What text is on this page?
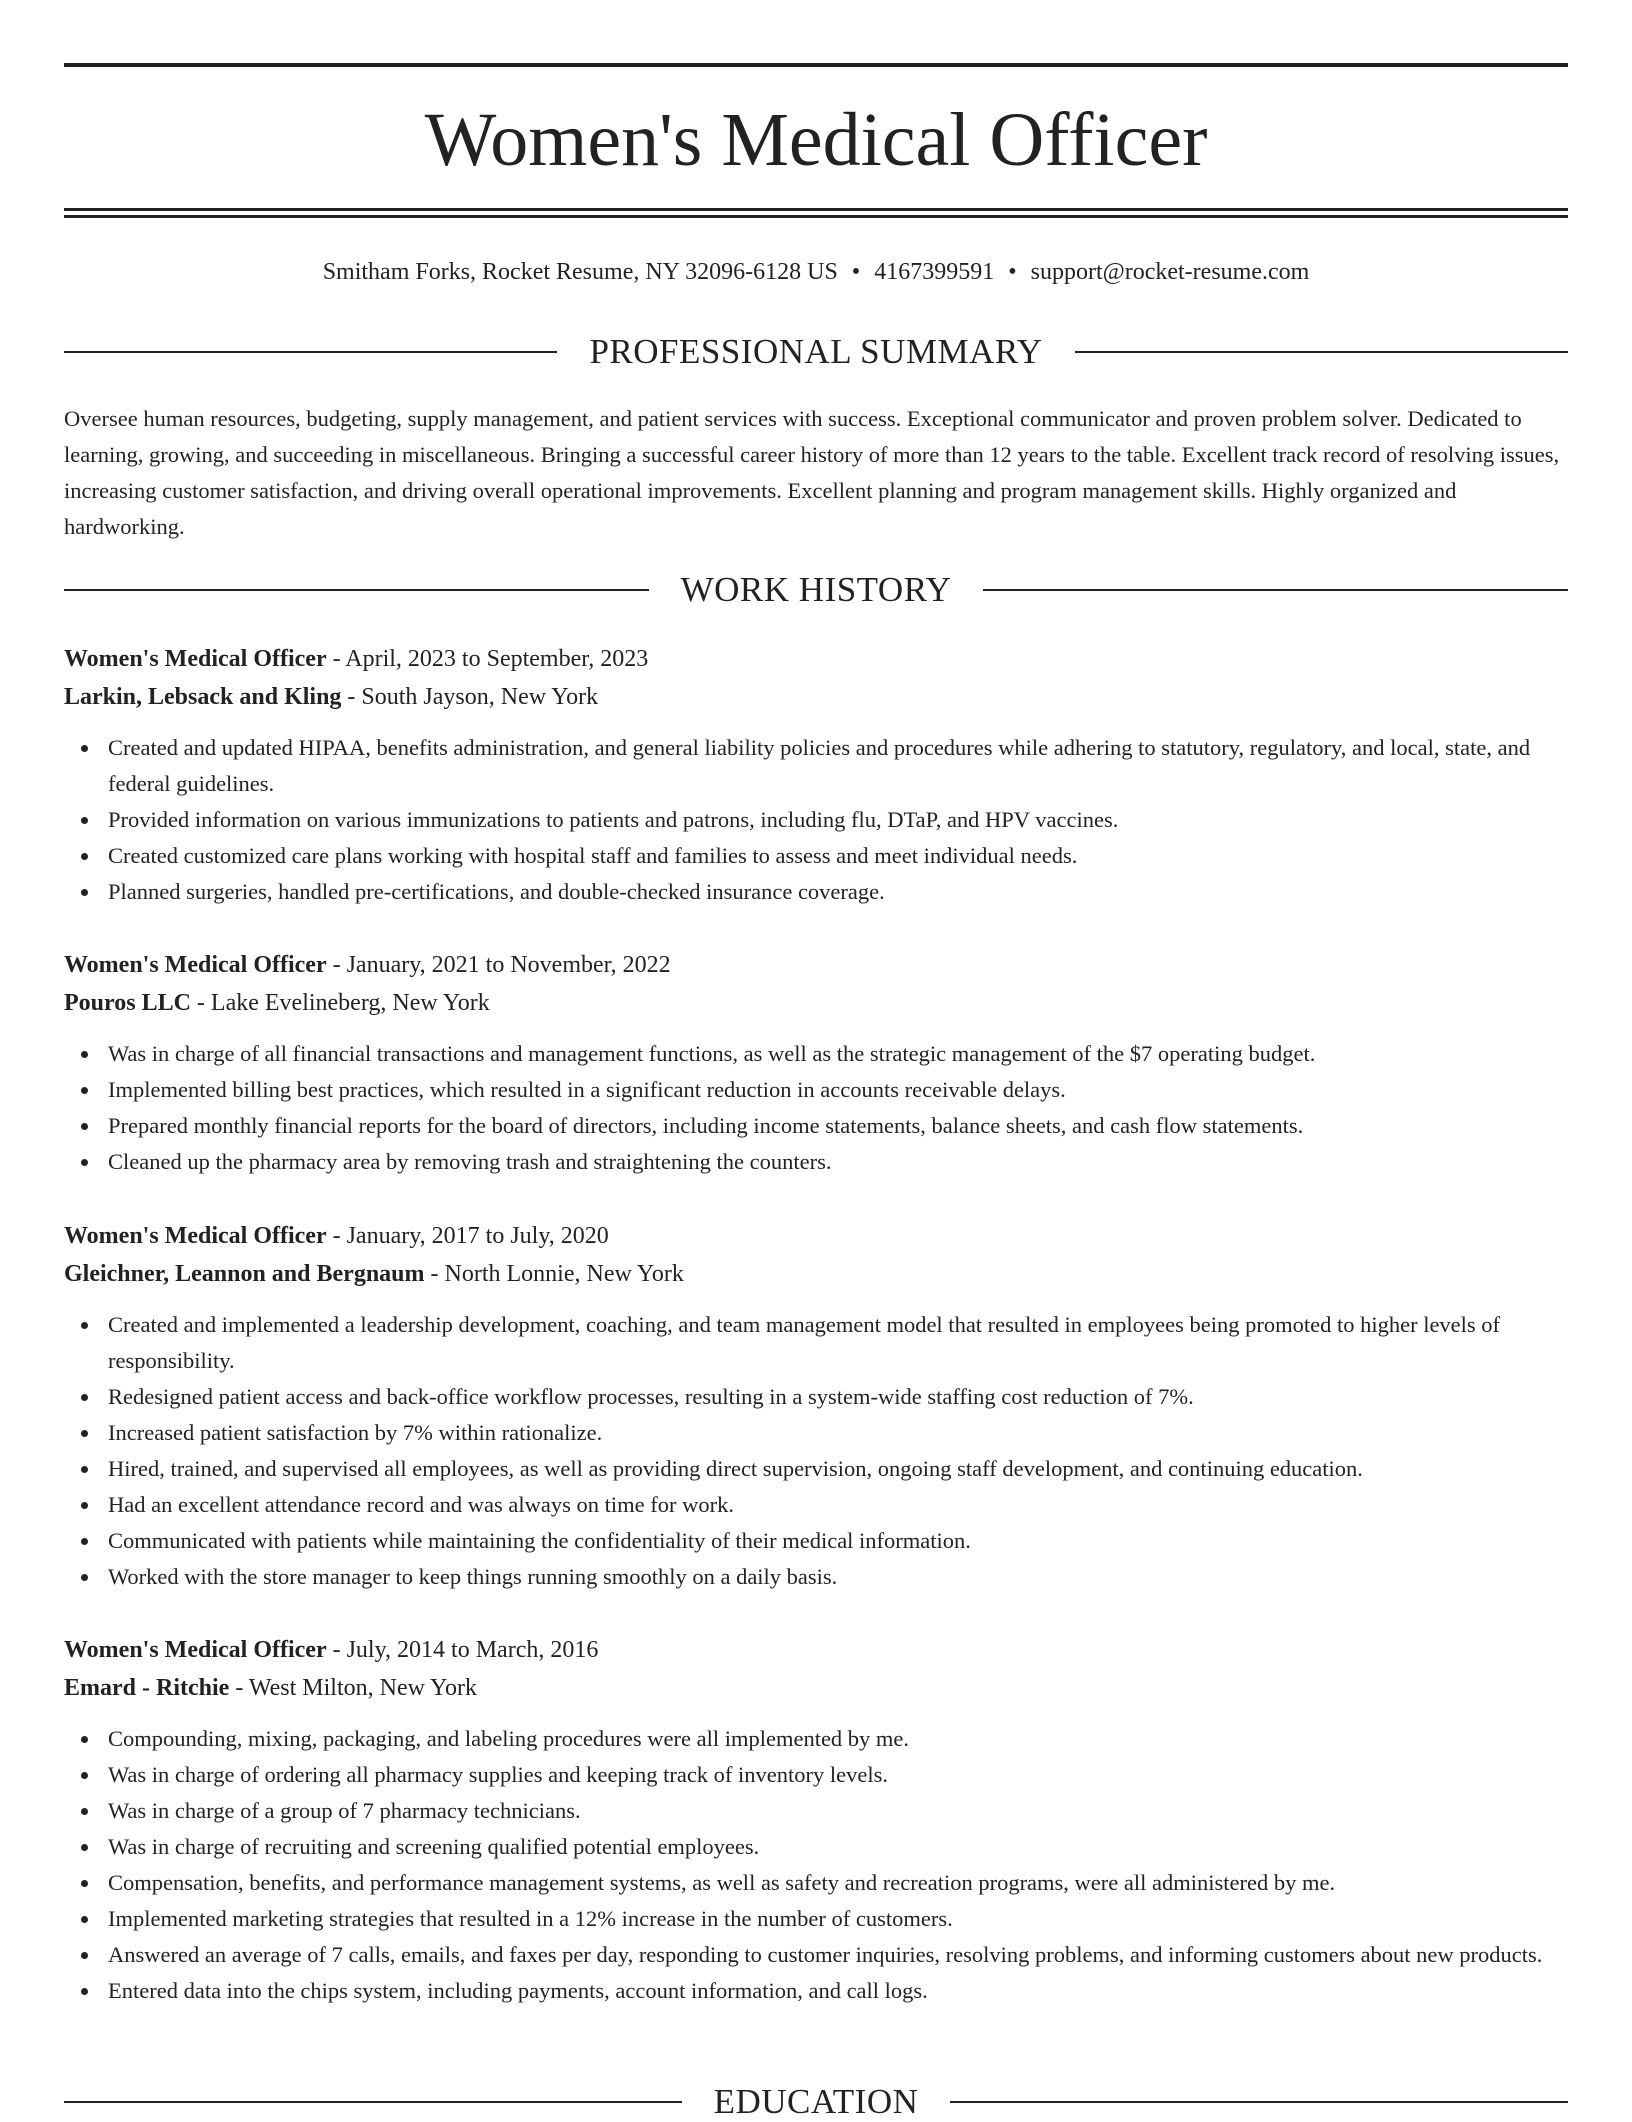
Women's Medical Officer
Smitham Forks, Rocket Resume, NY 32096-6128 US • 4167399591 • support@rocket-resume.com
PROFESSIONAL SUMMARY

Oversee human resources, budgeting, supply management, and patient services with success. Exceptional communicator and proven problem solver. Dedicated to learning, growing, and succeeding in miscellaneous. Bringing a successful career history of more than 12 years to the table. Excellent track record of resolving issues, increasing customer satisfaction, and driving overall operational improvements. Excellent planning and program management skills. Highly organized and hardworking.

WORK HISTORY
Women's Medical Officer - April, 2023 to September, 2023
Larkin, Lebsack and Kling - South Jayson, New York
Created and updated HIPAA, benefits administration, and general liability policies and procedures while adhering to statutory, regulatory, and local, state, and federal guidelines.
Provided information on various immunizations to patients and patrons, including flu, DTaP, and HPV vaccines.
Created customized care plans working with hospital staff and families to assess and meet individual needs.
Planned surgeries, handled pre-certifications, and double-checked insurance coverage.
Women's Medical Officer - January, 2021 to November, 2022
Pouros LLC - Lake Evelineberg, New York
Was in charge of all financial transactions and management functions, as well as the strategic management of the $7 operating budget.
Implemented billing best practices, which resulted in a significant reduction in accounts receivable delays.
Prepared monthly financial reports for the board of directors, including income statements, balance sheets, and cash flow statements.
Cleaned up the pharmacy area by removing trash and straightening the counters.
Women's Medical Officer - January, 2017 to July, 2020
Gleichner, Leannon and Bergnaum - North Lonnie, New York
Created and implemented a leadership development, coaching, and team management model that resulted in employees being promoted to higher levels of responsibility.
Redesigned patient access and back-office workflow processes, resulting in a system-wide staffing cost reduction of 7%.
Increased patient satisfaction by 7% within rationalize.
Hired, trained, and supervised all employees, as well as providing direct supervision, ongoing staff development, and continuing education.
Had an excellent attendance record and was always on time for work.
Communicated with patients while maintaining the confidentiality of their medical information.
Worked with the store manager to keep things running smoothly on a daily basis.
Women's Medical Officer - July, 2014 to March, 2016
Emard - Ritchie - West Milton, New York
Compounding, mixing, packaging, and labeling procedures were all implemented by me.
Was in charge of ordering all pharmacy supplies and keeping track of inventory levels.
Was in charge of a group of 7 pharmacy technicians.
Was in charge of recruiting and screening qualified potential employees.
Compensation, benefits, and performance management systems, as well as safety and recreation programs, were all administered by me.
Implemented marketing strategies that resulted in a 12% increase in the number of customers.
Answered an average of 7 calls, emails, and faxes per day, responding to customer inquiries, resolving problems, and informing customers about new products.
Entered data into the chips system, including payments, account information, and call logs.
EDUCATION
